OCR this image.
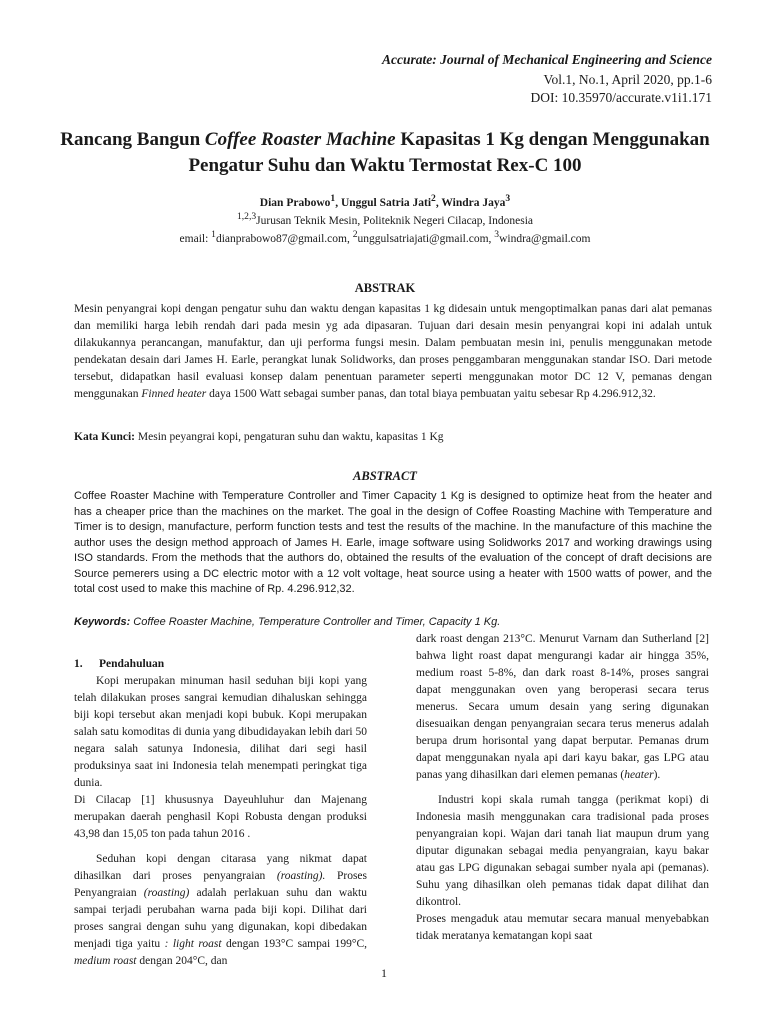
Accurate: Journal of Mechanical Engineering and Science
Vol.1, No.1, April 2020, pp.1-6
DOI: 10.35970/accurate.v1i1.171
Rancang Bangun Coffee Roaster Machine Kapasitas 1 Kg dengan Menggunakan Pengatur Suhu dan Waktu Termostat Rex-C 100
Dian Prabowo$^1$, Unggul Satria Jati$^2$, Windra Jaya$^3$
$^{1,2,3}$Jurusan Teknik Mesin, Politeknik Negeri Cilacap, Indonesia
email: $^1$dianprabowo87@gmail.com, $^2$unggulsatriajati@gmail.com, $^3$windra@gmail.com
ABSTRAK
Mesin penyangrai kopi dengan pengatur suhu dan waktu dengan kapasitas 1 kg didesain untuk mengoptimalkan panas dari alat pemanas dan memiliki harga lebih rendah dari pada mesin yg ada dipasaran. Tujuan dari desain mesin penyangrai kopi ini adalah untuk dilakukannya perancangan, manufaktur, dan uji performa fungsi mesin. Dalam pembuatan mesin ini, penulis menggunakan metode pendekatan desain dari James H. Earle, perangkat lunak Solidworks, dan proses penggambaran menggunakan standar ISO. Dari metode tersebut, didapatkan hasil evaluasi konsep dalam penentuan parameter seperti menggunakan motor DC 12 V, pemanas dengan menggunakan Finned heater daya 1500 Watt sebagai sumber panas, dan total biaya pembuatan yaitu sebesar Rp 4.296.912,32.
Kata Kunci: Mesin peyangrai kopi, pengaturan suhu dan waktu, kapasitas 1 Kg
ABSTRACT
Coffee Roaster Machine with Temperature Controller and Timer Capacity 1 Kg is designed to optimize heat from the heater and has a cheaper price than the machines on the market. The goal in the design of Coffee Roasting Machine with Temperature and Timer is to design, manufacture, perform function tests and test the results of the machine. In the manufacture of this machine the author uses the design method approach of James H. Earle, image software using Solidworks 2017 and working drawings using ISO standards. From the methods that the authors do, obtained the results of the evaluation of the concept of draft decisions are Source pemerers using a DC electric motor with a 12 volt voltage, heat source using a heater with 1500 watts of power, and the total cost used to make this machine of Rp. 4.296.912,32.
Keywords: Coffee Roaster Machine, Temperature Controller and Timer, Capacity 1 Kg.
1. Pendahuluan

Kopi merupakan minuman hasil seduhan biji kopi yang telah dilakukan proses sangrai kemudian dihaluskan sehingga biji kopi tersebut akan menjadi kopi bubuk. Kopi merupakan salah satu komoditas di dunia yang dibudidayakan lebih dari 50 negara salah satunya Indonesia, dilihat dari segi hasil produksinya saat ini Indonesia telah menempati peringkat tiga dunia.

Di Cilacap [1] khususnya Dayeuhluhur dan Majenang merupakan daerah penghasil Kopi Robusta dengan produksi 43,98 dan 15,05 ton pada tahun 2016 .

Seduhan kopi dengan citarasa yang nikmat dapat dihasilkan dari proses penyangraian (roasting). Proses Penyangraian (roasting) adalah perlakuan suhu dan waktu sampai terjadi perubahan warna pada biji kopi. Dilihat dari proses sangrai dengan suhu yang digunakan, kopi dibedakan menjadi tiga yaitu : light roast dengan 193°C sampai 199°C, medium roast dengan 204°C, dan

dark roast dengan 213°C. Menurut Varnam dan Sutherland [2] bahwa light roast dapat mengurangi kadar air hingga 35%, medium roast 5-8%, dan dark roast 8-14%, proses sangrai dapat menggunakan oven yang beroperasi secara terus menerus. Secara umum desain yang sering digunakan disesuaikan dengan penyangraian secara terus menerus adalah berupa drum horisontal yang dapat berputar. Pemanas drum dapat menggunakan nyala api dari kayu bakar, gas LPG atau panas yang dihasilkan dari elemen pemanas (heater).

Industri kopi skala rumah tangga (perikmat kopi) di Indonesia masih menggunakan cara tradisional pada proses penyangraian kopi. Wajan dari tanah liat maupun drum yang diputar digunakan sebagai media penyangraian, kayu bakar atau gas LPG digunakan sebagai sumber nyala api (pemanas). Suhu yang dihasilkan oleh pemanas tidak dapat dilihat dan dikontrol.

Proses mengaduk atau memutar secara manual menyebabkan tidak meratanya kematangan kopi saat

1
